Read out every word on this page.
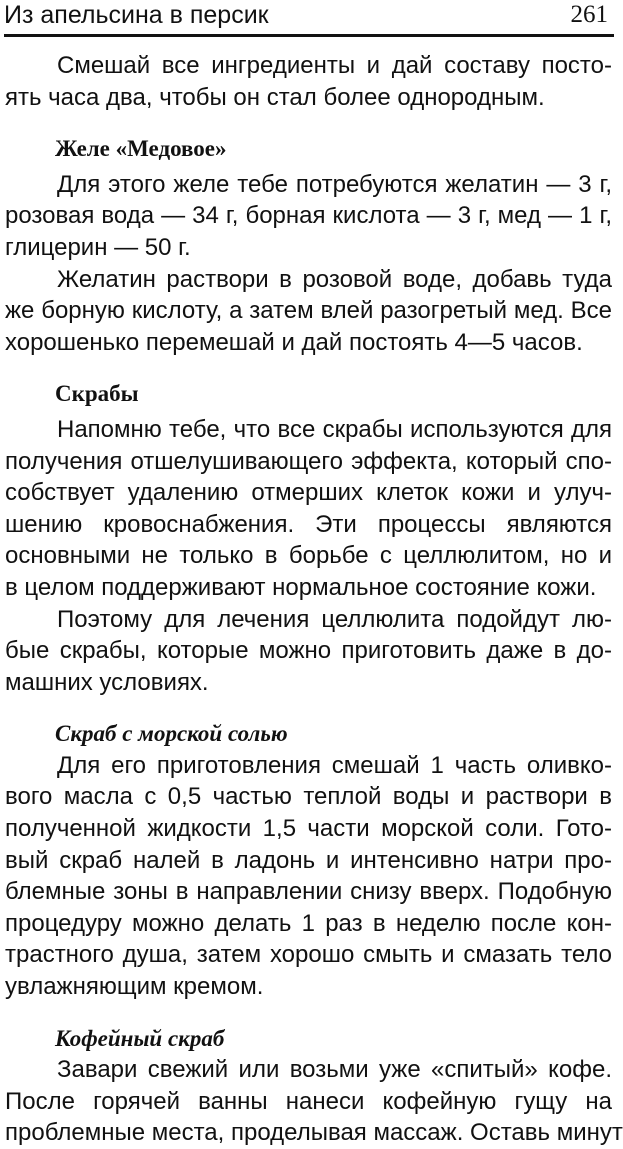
Из апельсина в персик	261

Смешай все ингредиенты и дай составу посто-
ять часа два, чтобы он стал более однородным.

Желе «Медовое»

Для этого желе тебе потребуются желатин — 3 г,
розовая вода — 34 г, борная кислота — 3 г, мед — 1 г,
глицерин — 50 г.

Желатин раствори в розовой воде, добавь туда
же борную кислоту, а затем влей разогретый мед. Все
хорошенько перемешай и дай постоять 4—5 часов.

Скрабы

Напомню тебе, что все скрабы используются для
получения отшелушивающего эффекта, который спо-
собствует удалению отмерших клеток кожи и улуч-
шению кровоснабжения. Эти процессы являются
основными не только в борьбе с целлюлитом, но и
в целом поддерживают нормальное состояние кожи.

Поэтому для лечения целлюлита подойдут лю-
бые скрабы, которые можно приготовить даже в до-
машних условиях.

Скраб с морской солью

Для его приготовления смешай 1 часть оливко-
вого масла с 0,5 частью теплой воды и раствори в
полученной жидкости 1,5 части морской соли. Гото-
вый скраб налей в ладонь и интенсивно натри про-
блемные зоны в направлении снизу вверх. Подобную
процедуру можно делать 1 раз в неделю после кон-
трастного душа, затем хорошо смыть и смазать тело
увлажняющим кремом.

Кофейный скраб

Завари свежий или возьми уже «спитый» кофе.
После горячей ванны нанеси кофейную гущу на
проблемные места, проделывая массаж. Оставь минут
